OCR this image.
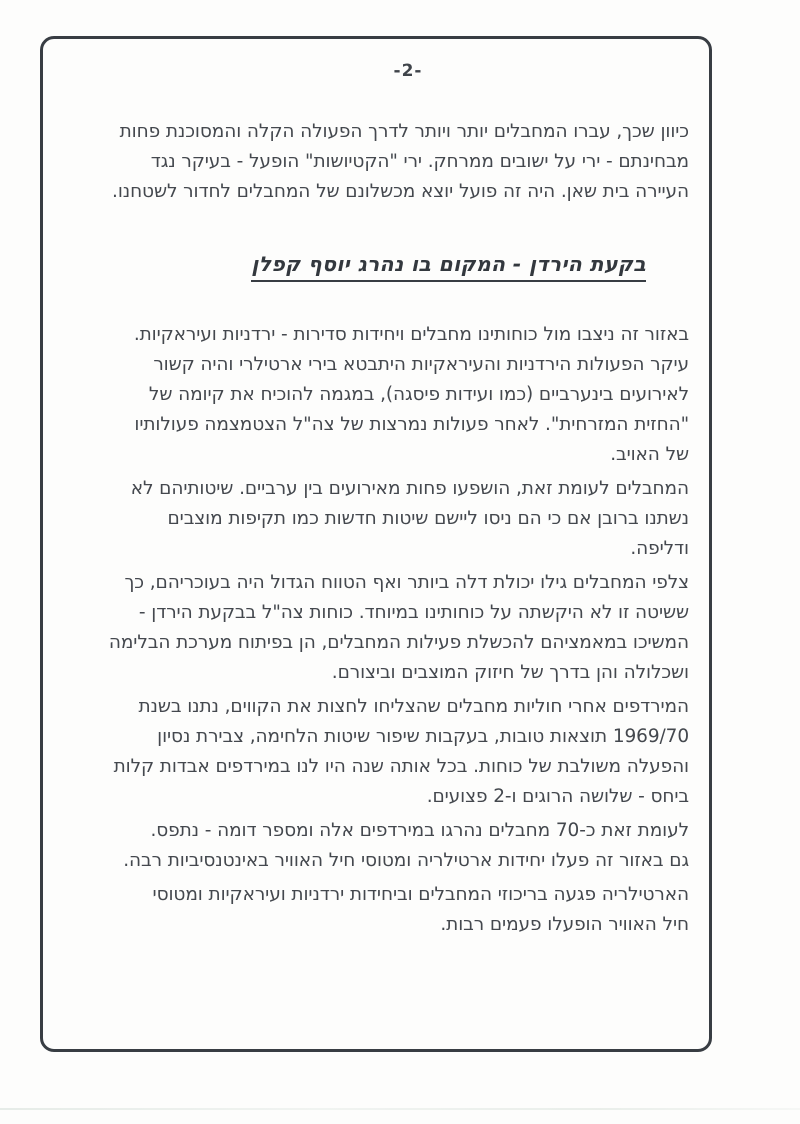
-2-
כיוון שכך, עברו המחבלים יותר ויותר לדרך הפעולה הקלה והמסוכנת פחות
מבחינתם - ירי על ישובים ממרחק. ירי "הקטיושות" הופעל - בעיקר נגד
העיירה בית שאן. היה זה פועל יוצא מכשלונם של המחבלים לחדור לשטחנו.
בקעת הירדן - המקום בו נהרג יוסף קפלן
באזור זה ניצבו מול כוחותינו מחבלים ויחידות סדירות - ירדניות ועיראקיות.
עיקר הפעולות הירדניות והעיראקיות היתבטא בירי ארטילרי והיה קשור
לאירועים בינערביים (כמו ועידות פיסגה), במגמה להוכיח את קיומה של
"החזית המזרחית". לאחר פעולות נמרצות של צה"ל הצטמצמה פעולותיו
של האויב.
המחבלים לעומת זאת, הושפעו פחות מאירועים בין ערביים. שיטותיהם לא
נשתנו ברובן אם כי הם ניסו ליישם שיטות חדשות כמו תקיפות מוצבים
ודליפה.
צלפי המחבלים גילו יכולת דלה ביותר ואף הטווח הגדול היה בעוכריהם, כך
ששיטה זו לא היקשתה על כוחותינו במיוחד. כוחות צה"ל בבקעת הירדן -
המשיכו במאמציהם להכשלת פעילות המחבלים, הן בפיתוח מערכת הבלימה
ושכלולה והן בדרך של חיזוק המוצבים וביצורם.
המירדפים אחרי חוליות מחבלים שהצליחו לחצות את הקווים, נתנו בשנת
1969/70 תוצאות טובות, בעקבות שיפור שיטות הלחימה, צבירת נסיון
והפעלה משולבת של כוחות. בכל אותה שנה היו לנו במירדפים אבדות קלות
ביחס - שלושה הרוגים ו-2 פצועים.
לעומת זאת כ-70 מחבלים נהרגו במירדפים אלה ומספר דומה - נתפס.
גם באזור זה פעלו יחידות ארטילריה ומטוסי חיל האוויר באינטנסיביות רבה.
הארטילריה פגעה בריכוזי המחבלים וביחידות ירדניות ועיראקיות ומטוסי
חיל האוויר הופעלו פעמים רבות.
